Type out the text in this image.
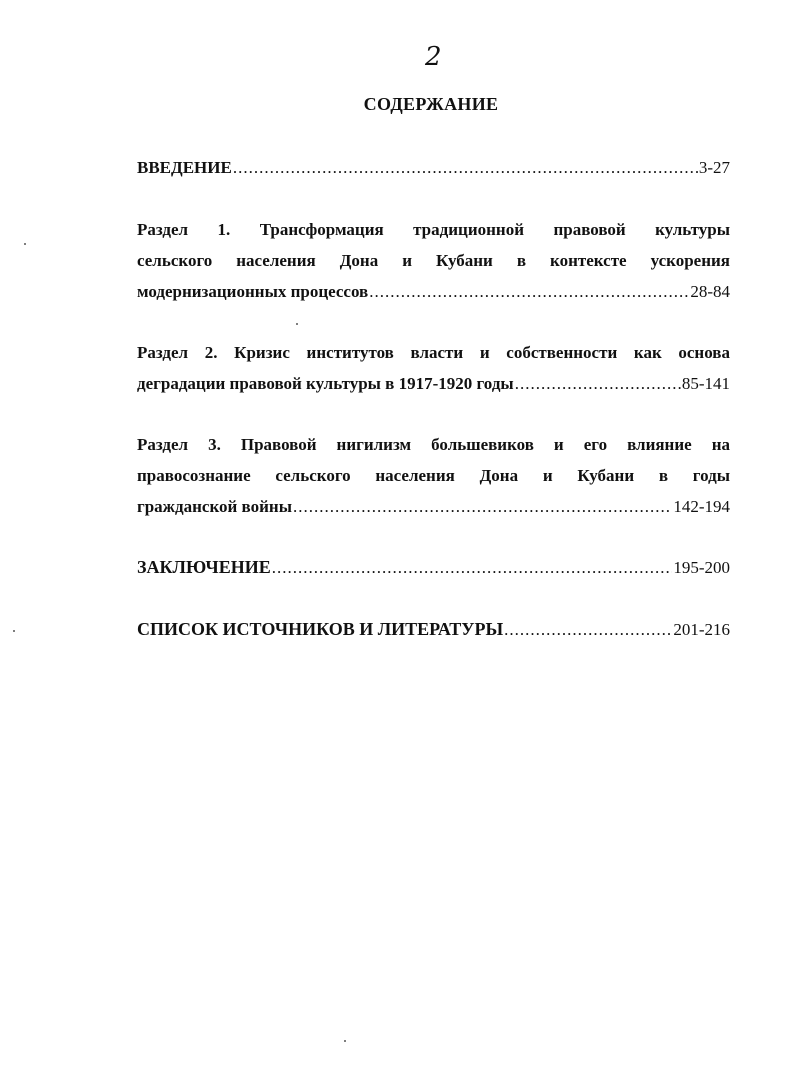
2
СОДЕРЖАНИЕ
ВВЕДЕНИЕ .....	3-27
Раздел 1. Трансформация традиционной правовой культуры
сельского населения Дона и Кубани в контексте ускорения
модернизационных процессов .....	28-84
Раздел 2. Кризис институтов власти и собственности как основа
деградации правовой культуры в 1917-1920 годы .....	85-141
Раздел 3. Правовой нигилизм большевиков и его влияние на
правосознание сельского населения Дона и Кубани в годы
гражданской войны .....	142-194
ЗАКЛЮЧЕНИЕ .....	195-200
СПИСОК ИСТОЧНИКОВ И ЛИТЕРАТУРЫ .....	201-216
